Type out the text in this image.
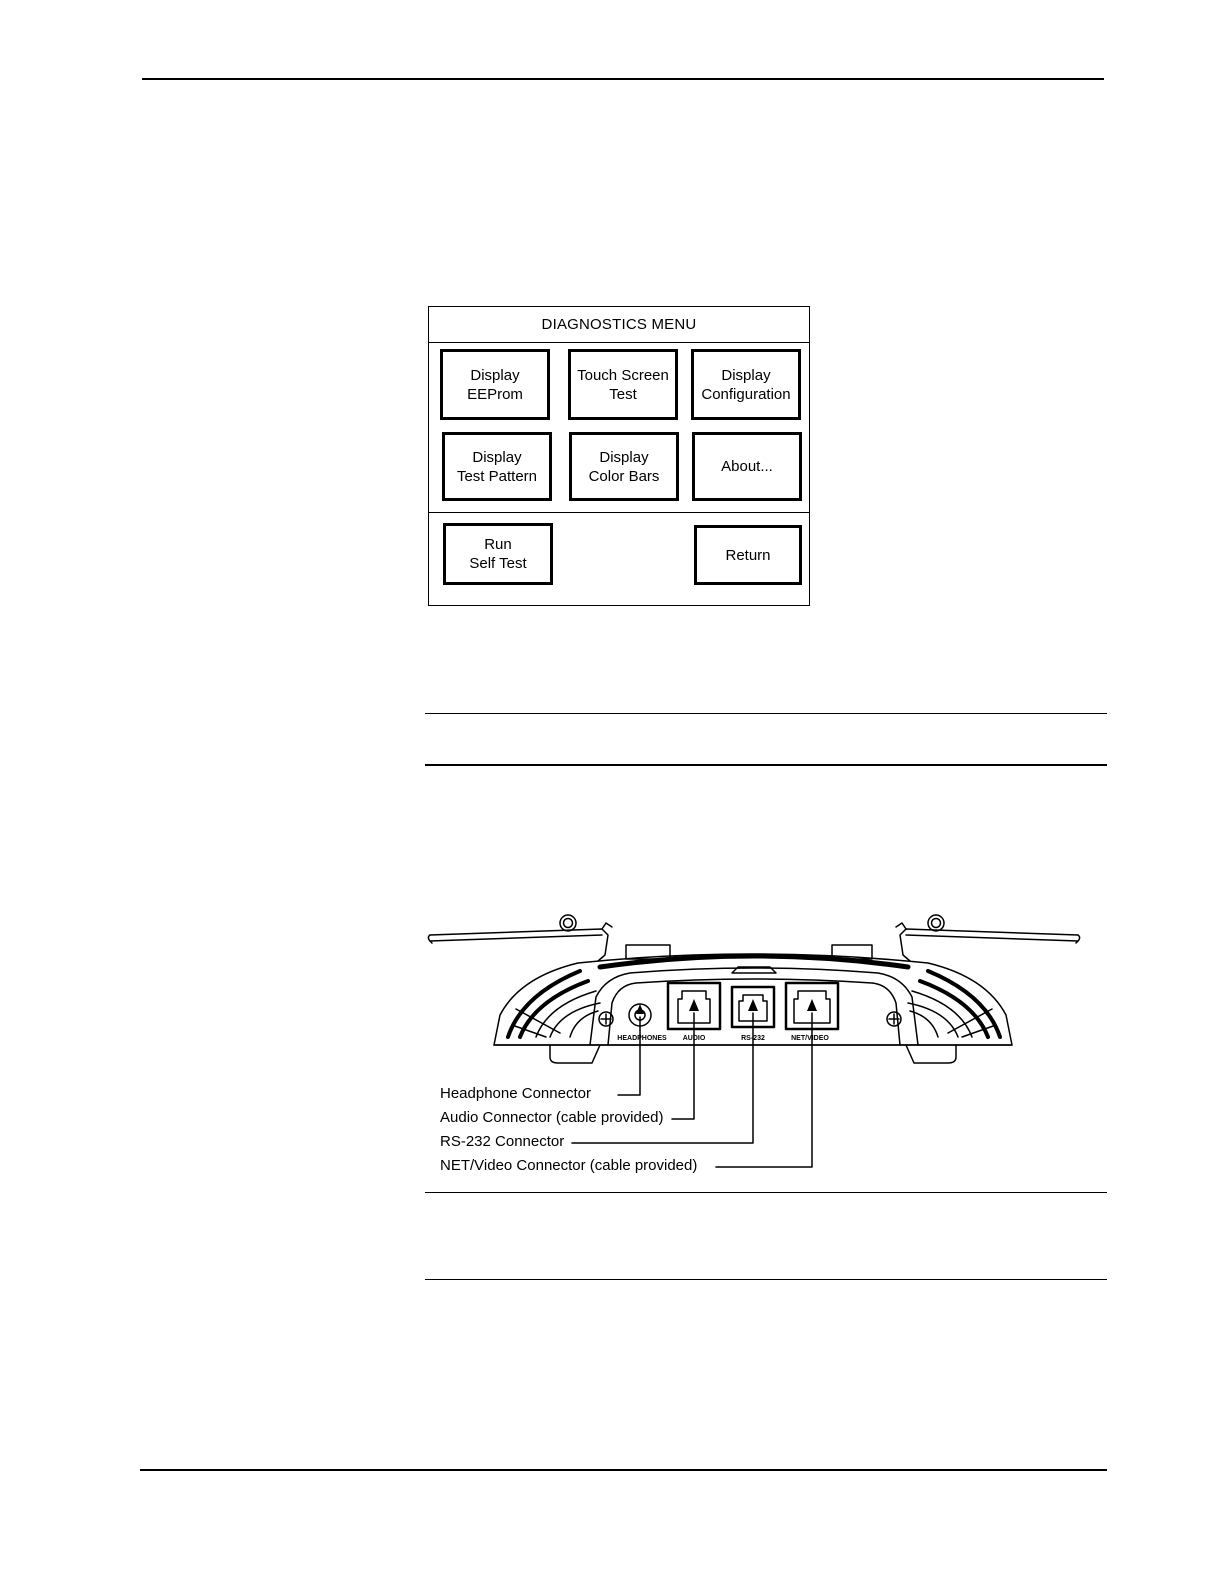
DIAGNOSTICS MENU
Display
EEProm
Touch Screen
Test
Display
Configuration
Display
Test Pattern
Display
Color Bars
About...
Run
Self Test	Return
HEADPHONES AUDIO	RS-232	NET/VIDEO
Headphone Connector
Audio Connector (cable provided)
RS-232 Connector
NET/Video Connector (cable provided)
